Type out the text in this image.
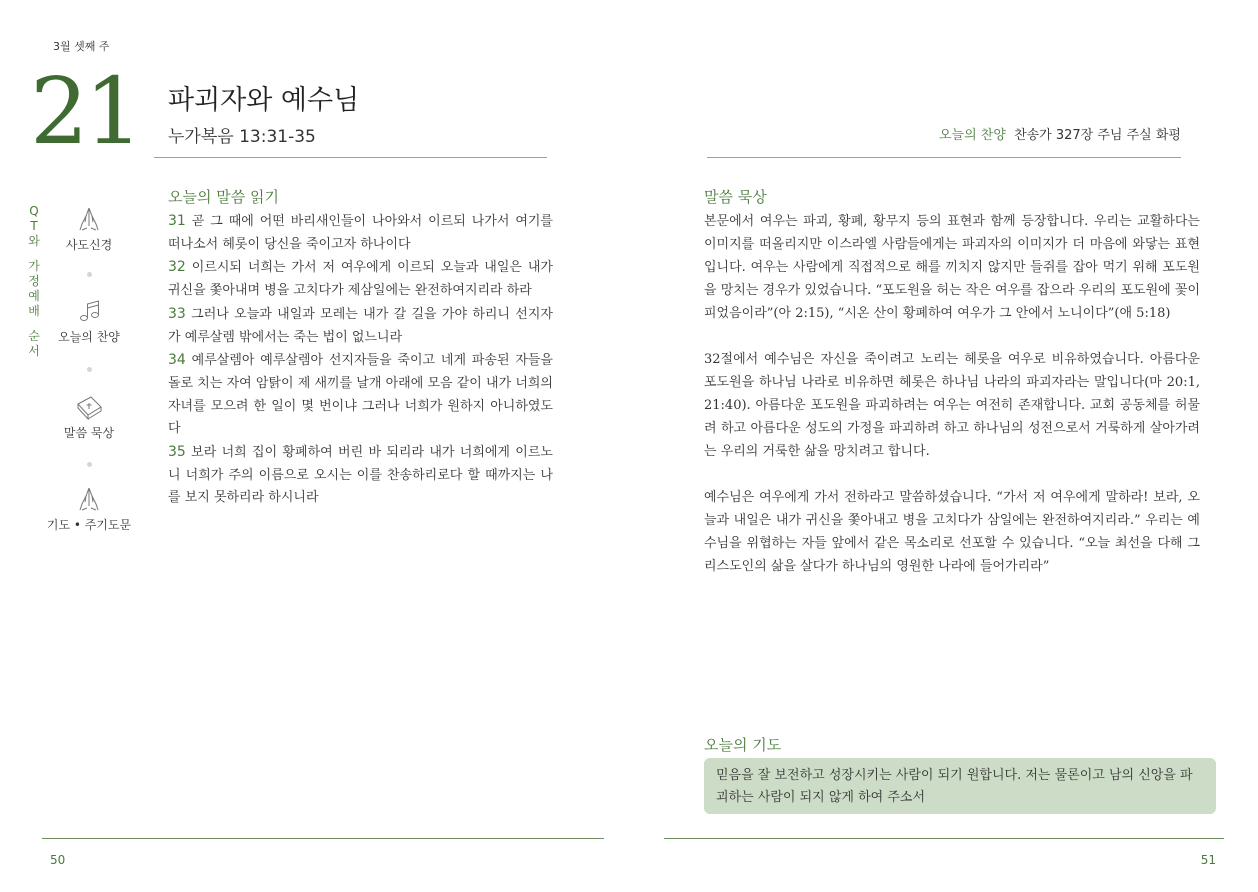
3월 셋째 주
21 파괴자와 예수님
누가복음 13:31-35	오늘의 찬양 찬송가 327장 주님 주실 화평
Q
T
와
가
정
예
배
순
서
사도신경
오늘의 찬양
말씀 묵상
기도 • 주기도문
오늘의 말씀 읽기
31 곧 그 때에 어떤 바리새인들이 나아와서 이르되 나가서 여기를 떠나소서 헤롯이 당신을 죽이고자 하나이다
32 이르시되 너희는 가서 저 여우에게 이르되 오늘과 내일은 내가 귀신을 쫓아내며 병을 고치다가 제삼일에는 완전하여지리라 하라
33 그러나 오늘과 내일과 모레는 내가 갈 길을 가야 하리니 선지자가 예루살렘 밖에서는 죽는 법이 없느니라
34 예루살렘아 예루살렘아 선지자들을 죽이고 네게 파송된 자들을 돌로 치는 자여 암탉이 제 새끼를 날개 아래에 모음 같이 내가 너희의 자녀를 모으려 한 일이 몇 번이냐 그러나 너희가 원하지 아니하였도다
35 보라 너희 집이 황폐하여 버린 바 되리라 내가 너희에게 이르노니 너희가 주의 이름으로 오시는 이를 찬송하리로다 할 때까지는 나를 보지 못하리라 하시니라
말씀 묵상

본문에서 여우는 파괴, 황폐, 황무지 등의 표현과 함께 등장합니다. 우리는 교활하다는 이미지를 떠올리지만 이스라엘 사람들에게는 파괴자의 이미지가 더 마음에 와닿는 표현입니다. 여우는 사람에게 직접적으로 해를 끼치지 않지만 들쥐를 잡아 먹기 위해 포도원을 망치는 경우가 있었습니다. “포도원을 허는 작은 여우를 잡으라 우리의 포도원에 꽃이 피었음이라”(아 2:15), “시온 산이 황폐하여 여우가 그 안에서 노니이다”(애 5:18)

32절에서 예수님은 자신을 죽이려고 노리는 헤롯을 여우로 비유하였습니다. 아름다운 포도원을 하나님 나라로 비유하면 헤롯은 하나님 나라의 파괴자라는 말입니다(마 20:1, 21:40). 아름다운 포도원을 파괴하려는 여우는 여전히 존재합니다. 교회 공동체를 허물려 하고 아름다운 성도의 가정을 파괴하려 하고 하나님의 성전으로서 거룩하게 살아가려는 우리의 거룩한 삶을 망치려고 합니다.

예수님은 여우에게 가서 전하라고 말씀하셨습니다. “가서 저 여우에게 말하라! 보라, 오늘과 내일은 내가 귀신을 쫓아내고 병을 고치다가 삼일에는 완전하여지리라.” 우리는 예수님을 위협하는 자들 앞에서 같은 목소리로 선포할 수 있습니다. “오늘 최선을 다해 그리스도인의 삶을 살다가 하나님의 영원한 나라에 들어가리라”

오늘의 기도
믿음을 잘 보전하고 성장시키는 사람이 되기 원합니다. 저는 물론이고 남의 신앙을 파괴하는 사람이 되지 않게 하여 주소서
50	51
